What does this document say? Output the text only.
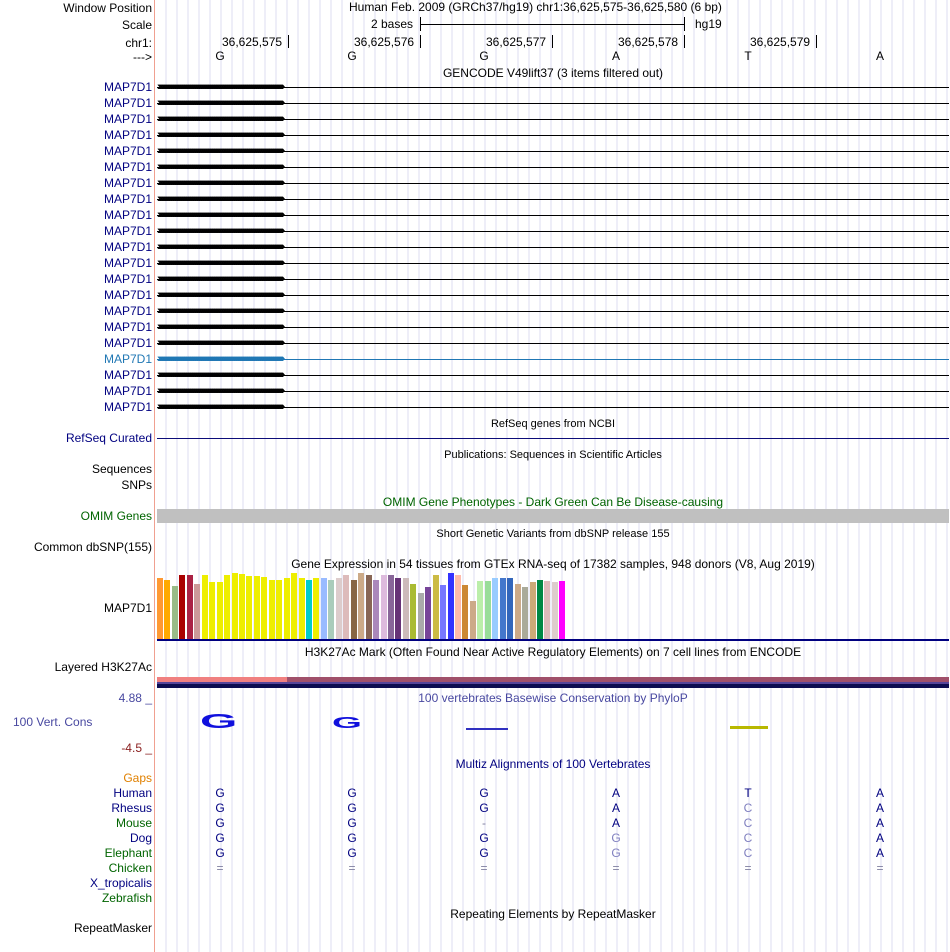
Window Position
Scale
chr1:
--->
Human Feb. 2009 (GRCh37/hg19) chr1:36,625,575-36,625,580 (6 bp)
2 bases	hg19
36,625,575	36,625,576	36,625,577	36,625,578	36,625,579
G	G	G	A	T	A
GENCODE V49lift37 (3 items filtered out)
MAP7D1
MAP7D1
MAP7D1
MAP7D1
MAP7D1
MAP7D1
MAP7D1
MAP7D1
MAP7D1
MAP7D1
MAP7D1
MAP7D1
MAP7D1
MAP7D1
MAP7D1
MAP7D1
MAP7D1
MAP7D1
MAP7D1
MAP7D1
MAP7D1
›››››››››››››››››››››››››››››››››››››››››››››››››››››››››››››››››››››››››››››››››››››››››››››››››››››››››››››››››››››››››››››››››››››››››››››››››››››››››››››››››››››››››››››››››››››››››››››
›››››››››››››››››››››››››››››››››››››››››››››››››››››››››››››››››››››››››››››››››››››››››››››››››››››››››››››››››››››››››››››››››››››››››››››››››››››››››››››››››››››››››››››››››››››››››››››
›››››››››››››››››››››››››››››››››››››››››››››››››››››››››››››››››››››››››››››››››››››››››››››››››››››››››››››››››››››››››››››››››››››››››››››››››››››››››››››››››››››››››››››››››››››››››››››
›››››››››››››››››››››››››››››››››››››››››››››››››››››››››››››››››››››››››››››››››››››››››››››››››››››››››››››››››››››››››››››››››››››››››››››››››››››››››››››››››››››››››››››››››››››››››››››
›››››››››››››››››››››››››››››››››››››››››››››››››››››››››››››››››››››››››››››››››››››››››››››››››››››››››››››››››››››››››››››››››››››››››››››››››››››››››››››››››››››››››››››››››››››››››››››
›››››››››››››››››››››››››››››››››››››››››››››››››››››››››››››››››››››››››››››››››››››››››››››››››››››››››››››››››››››››››››››››››››››››››››››››››››››››››››››››››››››››››››››››››››››››››››››
›››››››››››››››››››››››››››››››››››››››››››››››››››››››››››››››››››››››››››››››››››››››››››››››››››››››››››››››››››››››››››››››››››››››››››››››››››››››››››››››››››››››››››››››››››››››››››››
›››››››››››››››››››››››››››››››››››››››››››››››››››››››››››››››››››››››››››››››››››››››››››››››››››››››››››››››››››››››››››››››››››››››››››››››››››››››››››››››››››››››››››››››››››››››››››››
›››››››››››››››››››››››››››››››››››››››››››››››››››››››››››››››››››››››››››››››››››››››››››››››››››››››››››››››››››››››››››››››››››››››››››››››››››››››››››››››››››››››››››››››››››››››››››››
›››››››››››››››››››››››››››››››››››››››››››››››››››››››››››››››››››››››››››››››››››››››››››››››››››››››››››››››››››››››››››››››››››››››››››››››››››››››››››››››››››››››››››››››››››››››››››››
›››››››››››››››››››››››››››››››››››››››››››››››››››››››››››››››››››››››››››››››››››››››››››››››››››››››››››››››››››››››››››››››››››››››››››››››››››››››››››››››››››››››››››››››››››››››››››››
›››››››››››››››››››››››››››››››››››››››››››››››››››››››››››››››››››››››››››››››››››››››››››››››››››››››››››››››››››››››››››››››››››››››››››››››››››››››››››››››››››››››››››››››››››››››››››››
›››››››››››››››››››››››››››››››››››››››››››››››››››››››››››››››››››››››››››››››››››››››››››››››››››››››››››››››››››››››››››››››››››››››››››››››››››››››››››››››››››››››››››››››››››››››››››››
›››››››››››››››››››››››››››››››››››››››››››››››››››››››››››››››››››››››››››››››››››››››››››››››››››››››››››››››››››››››››››››››››››››››››››››››››››››››››››››››››››››››››››››››››››››››››››››
›››››››››››››››››››››››››››››››››››››››››››››››››››››››››››››››››››››››››››››››››››››››››››››››››››››››››››››››››››››››››››››››››››››››››››››››››››››››››››››››››››››››››››››››››››››››››››››
›››››››››››››››››››››››››››››››››››››››››››››››››››››››››››››››››››››››››››››››››››››››››››››››››››››››››››››››››››››››››››››››››››››››››››››››››››››››››››››››››››››››››››››››››››››››››››››
›››››››››››››››››››››››››››››››››››››››››››››››››››››››››››››››››››››››››››››››››››››››››››››››››››››››››››››››››››››››››››››››››››››››››››››››››››››››››››››››››››››››››››››››››››››››››››››
›››››››››››››››››››››››››››››››››››››››››››››››››››››››››››››››››››››››››››››››››››››››››››››››››››››››››››››››››››››››››››››››››››››››››››››››››››››››››››››››››››››››››››››››››››››››››››››
›››››››››››››››››››››››››››››››››››››››››››››››››››››››››››››››››››››››››››››››››››››››››››››››››››››››››››››››››››››››››››››››››››››››››››››››››››››››››››››››››››››››››››››››››››››››››››››
›››››››››››››››››››››››››››››››››››››››››››››››››››››››››››››››››››››››››››››››››››››››››››››››››››››››››››››››››››››››››››››››››››››››››››››››››››››››››››››››››››››››››››››››››››››››››››››
›››››››››››››››››››››››››››››››››››››››››››››››››››››››››››››››››››››››››››››››››››››››››››››››››››››››››››››››››››››››››››››››››››››››››››››››››››››››››››››››››››››››››››››››››››››››››››››
RefSeq genes from NCBI
RefSeq Curated
Publications: Sequences in Scientific Articles
Sequences
SNPs
OMIM Gene Phenotypes - Dark Green Can Be Disease-causing
OMIM Genes
Short Genetic Variants from dbSNP release 155
Common dbSNP(155)
Gene Expression in 54 tissues from GTEx RNA-seq of 17382 samples, 948 donors (V8, Aug 2019)
MAP7D1
H3K27Ac Mark (Often Found Near Active Regulatory Elements) on 7 cell lines from ENCODE
Layered H3K27Ac
100 vertebrates Basewise Conservation by PhyloP
4.88 _
100 Vert. Cons
-4.5 _
G	G
Multiz Alignments of 100 Vertebrates
Gaps
Human	G	G	G	A	T	A
Rhesus	G	G	G	A	C	A
Mouse	G	G	-	A	C	A
Dog	G	G	G	G	C	A
Elephant	G	G	G	G	C	A
Chicken	=	=	=	=	=	=
X_tropicalis
Zebrafish
Repeating Elements by RepeatMasker
RepeatMasker
